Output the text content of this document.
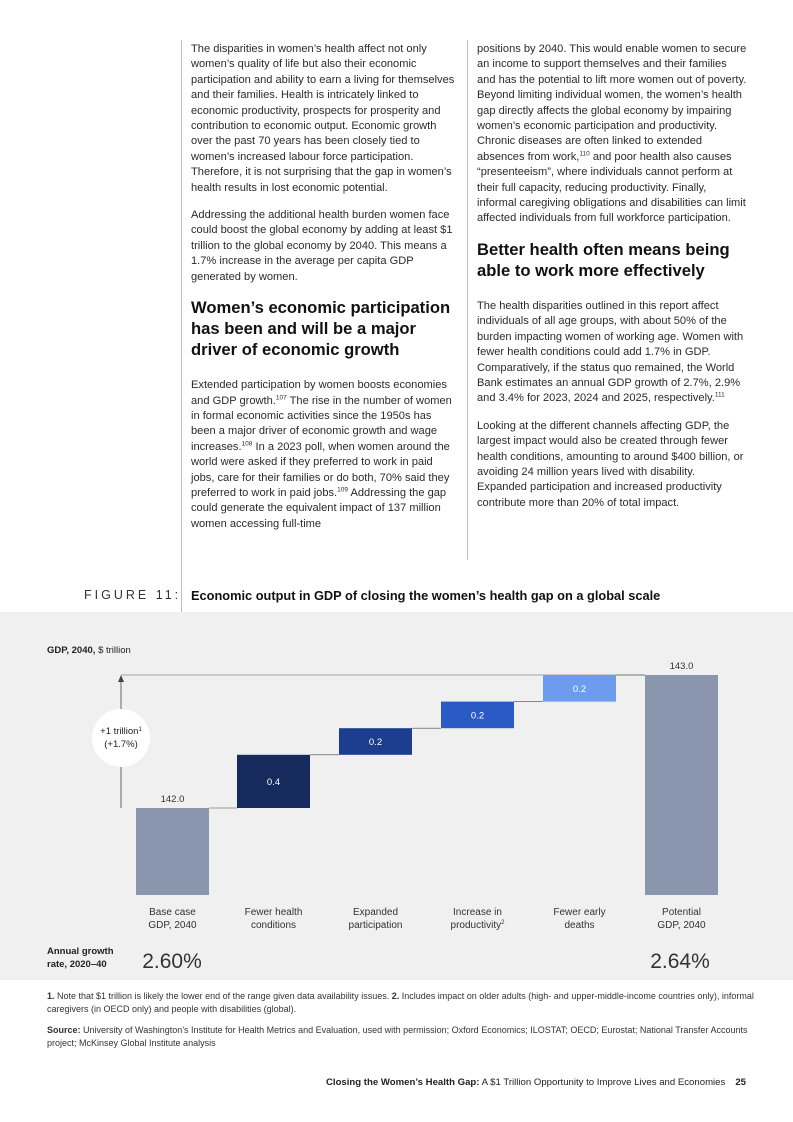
The disparities in women’s health affect not only women’s quality of life but also their economic participation and ability to earn a living for themselves and their families. Health is intricately linked to economic productivity, prospects for prosperity and contribution to economic output. Economic growth over the past 70 years has been closely tied to women’s increased labour force participation. Therefore, it is not surprising that the gap in women’s health results in lost economic potential.

Addressing the additional health burden women face could boost the global economy by adding at least $1 trillion to the global economy by 2040. This means a 1.7% increase in the average per capita GDP generated by women.

Women’s economic participation has been and will be a major driver of economic growth

Extended participation by women boosts economies and GDP growth.$^{107}$ The rise in the number of women in formal economic activities since the 1950s has been a major driver of economic growth and wage increases.$^{108}$ In a 2023 poll, when women around the world were asked if they preferred to work in paid jobs, care for their families or do both, 70% said they preferred to work in paid jobs.$^{109}$ Addressing the gap could generate the equivalent impact of 137 million women accessing full-time

positions by 2040. This would enable women to secure an income to support themselves and their families and has the potential to lift more women out of poverty. Beyond limiting individual women, the women’s health gap directly affects the global economy by impairing women’s economic participation and productivity. Chronic diseases are often linked to extended absences from work,$^{110}$ and poor health also causes “presenteeism”, where individuals cannot perform at their full capacity, reducing productivity. Finally, informal caregiving obligations and disabilities can limit affected individuals from full workforce participation.

Better health often means being able to work more effectively

The health disparities outlined in this report affect individuals of all age groups, with about 50% of the burden impacting women of working age. Women with fewer health conditions could add 1.7% in GDP. Comparatively, if the status quo remained, the World Bank estimates an annual GDP growth of 2.7%, 2.9% and 3.4% for 2023, 2024 and 2025, respectively.$^{111}$

Looking at the different channels affecting GDP, the largest impact would also be created through fewer health conditions, amounting to around $400 billion, or avoiding 24 million years lived with disability. Expanded participation and increased productivity contribute more than 20% of total impact.

FIGURE 11: Economic output in GDP of closing the women’s health gap on a global scale
GDP, 2040, $ trillion
+1 trillion$^1$
(+1.7%)
142.0
0.4
0.2
0.2
0.2
143.0
Base case GDP, 2040
Fewer health conditions
Expanded participation
Increase in productivity$^2$
Fewer early deaths
Potential GDP, 2040
Annual growth
rate, 2020–40 2.60%	2.64%

1. Note that $1 trillion is likely the lower end of the range given data availability issues. 2. Includes impact on older adults (high- and upper-middle-income countries only), informal caregivers (in OECD only) and people with disabilities (global).

Source: University of Washington’s Institute for Health Metrics and Evaluation, used with permission; Oxford Economics; ILOSTAT; OECD; Eurostat; National Transfer Accounts project; McKinsey Global Institute analysis

Closing the Women’s Health Gap: A $1 Trillion Opportunity to Improve Lives and Economies 25
